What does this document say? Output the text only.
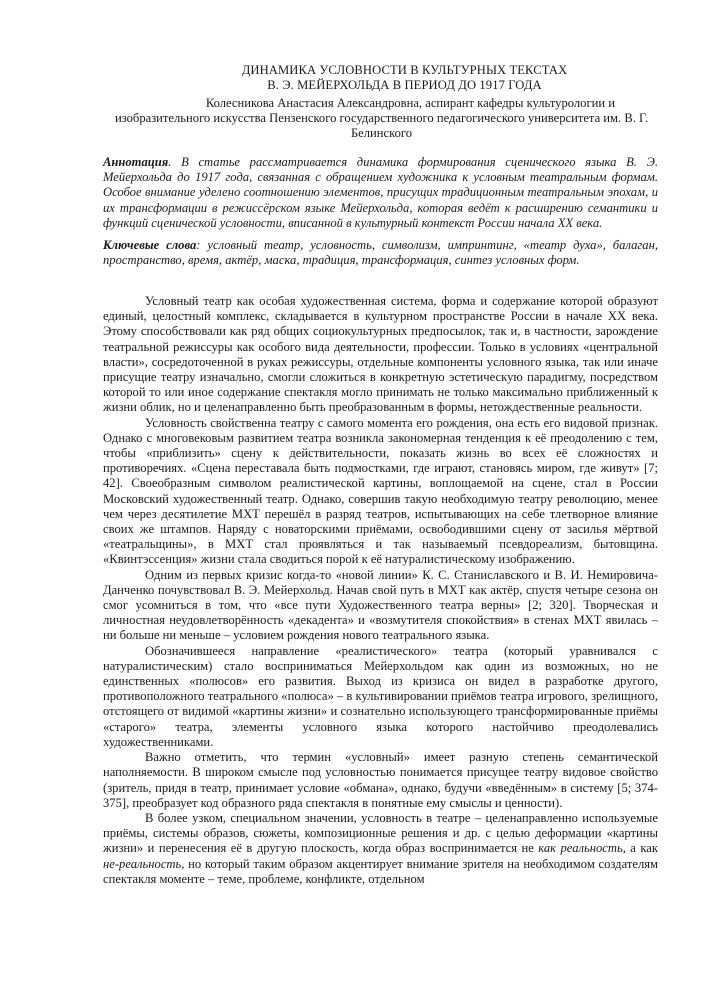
ДИНАМИКА УСЛОВНОСТИ В КУЛЬТУРНЫХ ТЕКСТАХ
В. Э. МЕЙЕРХОЛЬДА В ПЕРИОД ДО 1917 ГОДА
Колесникова Анастасия Александровна, аспирант кафедры культурологии и
изобразительного искусства Пензенского государственного педагогического университета им. В. Г. Белинского
Аннотация. В статье рассматривается динамика формирования сценического языка В. Э. Мейерхольда до 1917 года, связанная с обращением художника к условным театральным формам. Особое внимание уделено соотношению элементов, присущих традиционным театральным эпохам, и их трансформации в режиссёрском языке Мейерхольда, которая ведёт к расширению семантики и функций сценической условности, вписанной в культурный контекст России начала XX века.
Ключевые слова: условный театр, условность, символизм, импринтинг, «театр духа», балаган, пространство, время, актёр, маска, традиция, трансформация, синтез условных форм.

Условный театр как особая художественная система, форма и содержание которой образуют единый, целостный комплекс, складывается в культурном пространстве России в начале XX века. Этому способствовали как ряд общих социокультурных предпосылок, так и, в частности, зарождение театральной режиссуры как особого вида деятельности, профессии. Только в условиях «центральной власти», сосредоточенной в руках режиссуры, отдельные компоненты условного языка, так или иначе присущие театру изначально, смогли сложиться в конкретную эстетическую парадигму, посредством которой то или иное содержание спектакля могло принимать не только максимально приближенный к жизни облик, но и целенаправленно быть преобразованным в формы, нетождественные реальности.

Условность свойственна театру с самого момента его рождения, она есть его видовой признак. Однако с многовековым развитием театра возникла закономерная тенденция к её преодолению с тем, чтобы «приблизить» сцену к действительности, показать жизнь во всех её сложностях и противоречиях. «Сцена переставала быть подмостками, где играют, становясь миром, где живут» [7; 42]. Своеобразным символом реалистической картины, воплощаемой на сцене, стал в России Московский художественный театр. Однако, совершив такую необходимую театру революцию, менее чем через десятилетие МХТ перешёл в разряд театров, испытывающих на себе тлетворное влияние своих же штампов. Наряду с новаторскими приёмами, освободившими сцену от засилья мёртвой «театральщины», в МХТ стал проявляться и так называемый псевдореализм, бытовщина. «Квинтэссенция» жизни стала сводиться порой к её натуралистическому изображению.

Одним из первых кризис когда-то «новой линии» К. С. Станиславского и В. И. Немировича-Данченко почувствовал В. Э. Мейерхольд. Начав свой путь в МХТ как актёр, спустя четыре сезона он смог усомниться в том, что «все пути Художественного театра верны» [2; 320]. Творческая и личностная неудовлетворённость «декадента» и «возмутителя спокойствия» в стенах МХТ явилась – ни больше ни меньше – условием рождения нового театрального языка.

Обозначившееся направление «реалистического» театра (который уравнивался с натуралистическим) стало восприниматься Мейерхольдом как один из возможных, но не единственных «полюсов» его развития. Выход из кризиса он видел в разработке другого, противоположного театрального «полюса» – в культивировании приёмов театра игрового, зрелищного, отстоящего от видимой «картины жизни» и сознательно использующего трансформированные приёмы «старого» театра, элементы условного языка которого настойчиво преодолевались художественниками.

Важно отметить, что термин «условный» имеет разную степень семантической наполняемости. В широком смысле под условностью понимается присущее театру видовое свойство (зритель, придя в театр, принимает условие «обмана», однако, будучи «введённым» в систему [5; 374-375], преобразует код образного ряда спектакля в понятные ему смыслы и ценности).

В более узком, специальном значении, условность в театре – целенаправленно используемые приёмы, системы образов, сюжеты, композиционные решения и др. с целью деформации «картины жизни» и перенесения её в другую плоскость, когда образ воспринимается не как реальность, а как не-реальность, но который таким образом акцентирует внимание зрителя на необходимом создателям спектакля моменте – теме, проблеме, конфликте, отдельном
